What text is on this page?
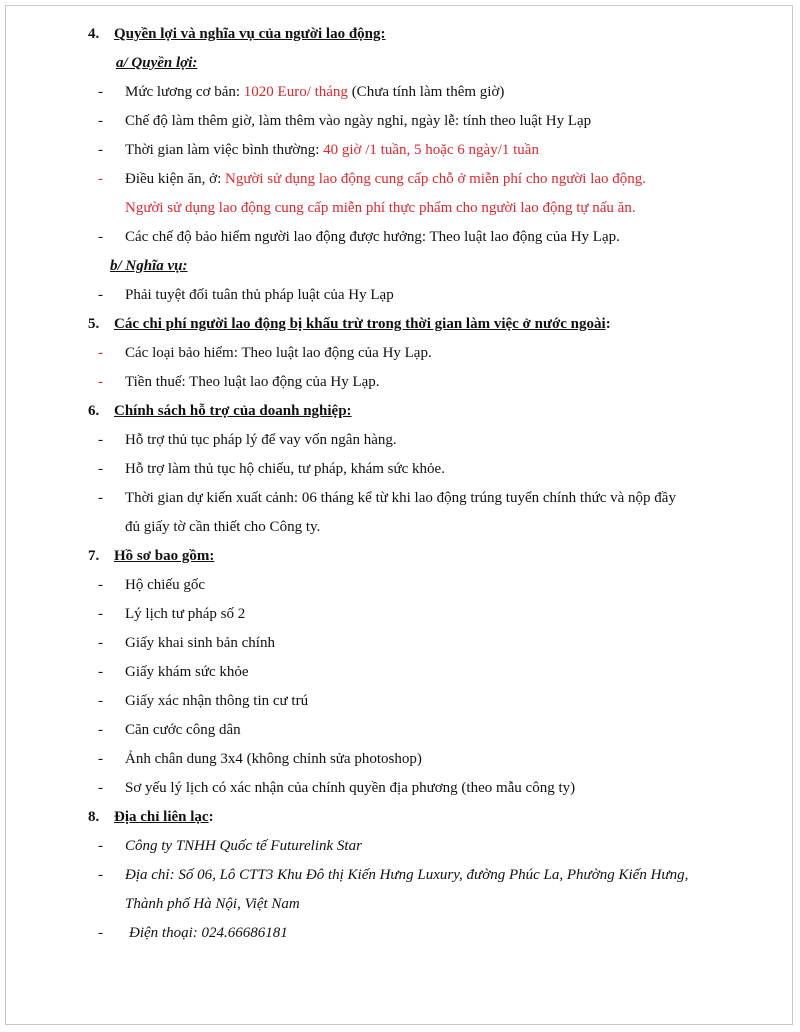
4. Quyền lợi và nghĩa vụ của người lao động:
a/ Quyền lợi:
- Mức lương cơ bản: 1020 Euro/ tháng (Chưa tính làm thêm giờ)
- Chế độ làm thêm giờ, làm thêm vào ngày nghỉ, ngày lễ: tính theo luật Hy Lạp
- Thời gian làm việc bình thường: 40 giờ /1 tuần, 5 hoặc 6 ngày/1 tuần
- Điều kiện ăn, ở: Người sử dụng lao động cung cấp chỗ ở miễn phí cho người lao động.
Người sử dụng lao động cung cấp miễn phí thực phẩm cho người lao động tự nấu ăn.
- Các chế độ bảo hiểm người lao động được hưởng: Theo luật lao động của Hy Lạp.
b/ Nghĩa vụ:
- Phải tuyệt đối tuân thủ pháp luật của Hy Lạp
5. Các chi phí người lao động bị khấu trừ trong thời gian làm việc ở nước ngoài:
- Các loại bảo hiểm: Theo luật lao động của Hy Lạp.
- Tiền thuế: Theo luật lao động của Hy Lạp.
6. Chính sách hỗ trợ của doanh nghiệp:
- Hỗ trợ thủ tục pháp lý để vay vốn ngân hàng.
- Hỗ trợ làm thủ tục hộ chiếu, tư pháp, khám sức khỏe.
- Thời gian dự kiến xuất cảnh: 06 tháng kể từ khi lao động trúng tuyển chính thức và nộp đầy
đủ giấy tờ cần thiết cho Công ty.
7. Hồ sơ bao gồm:
- Hộ chiếu gốc
- Lý lịch tư pháp số 2
- Giấy khai sinh bản chính
- Giấy khám sức khỏe
- Giấy xác nhận thông tin cư trú
- Căn cước công dân
- Ảnh chân dung 3x4 (không chỉnh sửa photoshop)
- Sơ yếu lý lịch có xác nhận của chính quyền địa phương (theo mẫu công ty)
8. Địa chỉ liên lạc:
- Công ty TNHH Quốc tế Futurelink Star
- Địa chỉ: Số 06, Lô CTT3 Khu Đô thị Kiến Hưng Luxury, đường Phúc La, Phường Kiến Hưng,
Thành phố Hà Nội, Việt Nam
- Điện thoại: 024.66686181
